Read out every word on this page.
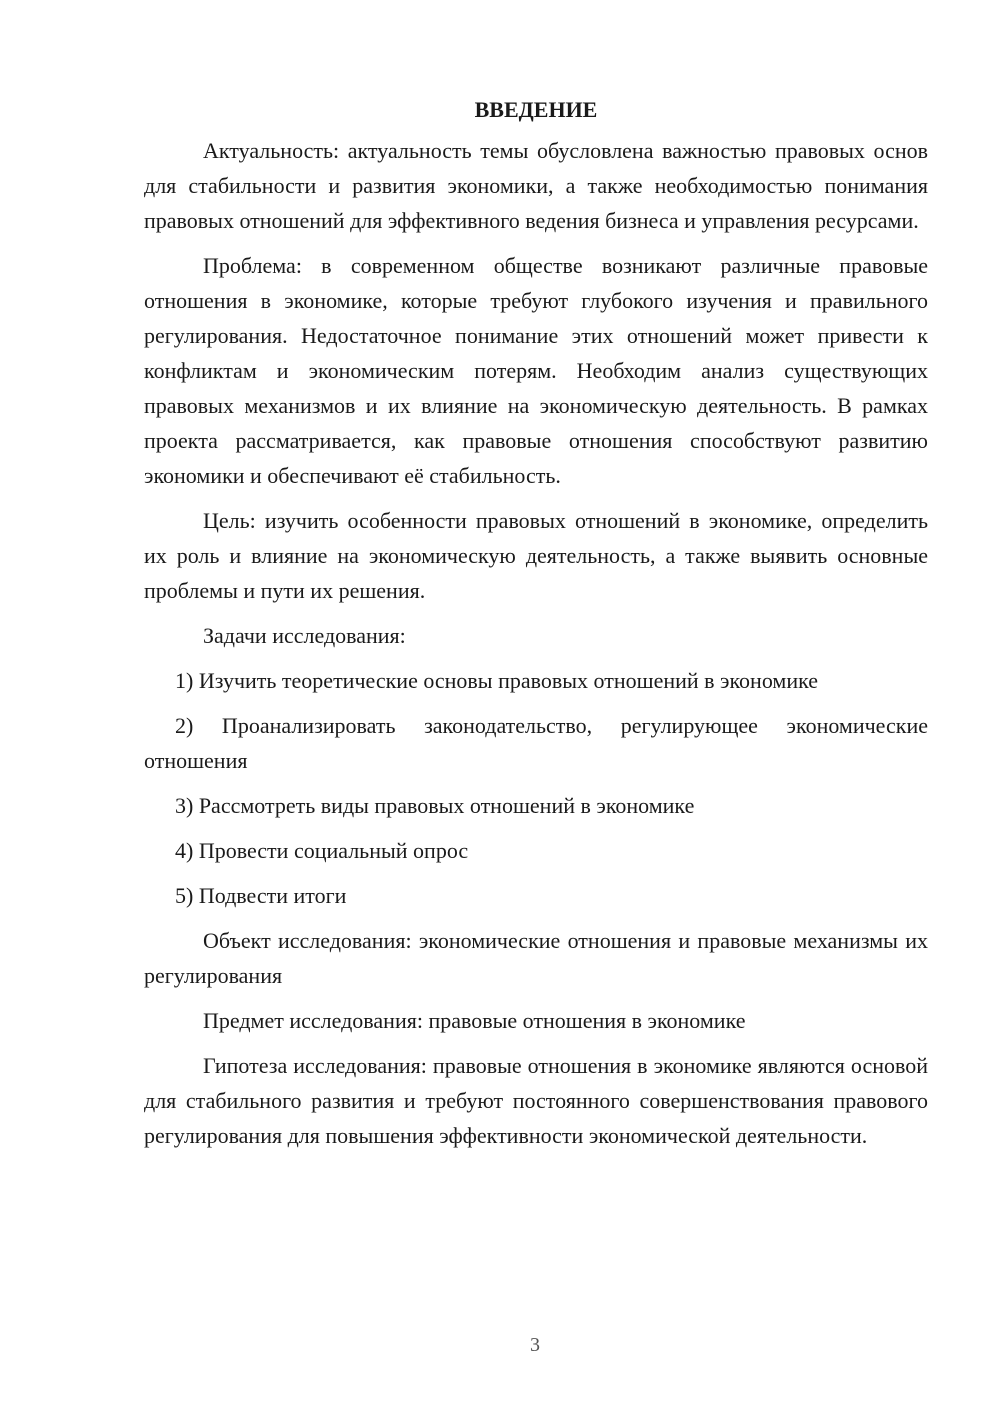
ВВЕДЕНИЕ

Актуальность: актуальность темы обусловлена важностью правовых основ для стабильности и развития экономики, а также необходимостью понимания правовых отношений для эффективного ведения бизнеса и управления ресурсами.

Проблема: в современном обществе возникают различные правовые отношения в экономике, которые требуют глубокого изучения и правильного регулирования. Недостаточное понимание этих отношений может привести к конфликтам и экономическим потерям. Необходим анализ существующих правовых механизмов и их влияние на экономическую деятельность. В рамках проекта рассматривается, как правовые отношения способствуют развитию экономики и обеспечивают её стабильность.

Цель: изучить особенности правовых отношений в экономике, определить их роль и влияние на экономическую деятельность, а также выявить основные проблемы и пути их решения.

Задачи исследования:

1) Изучить теоретические основы правовых отношений в экономике

2) Проанализировать законодательство, регулирующее экономические отношения

3) Рассмотреть виды правовых отношений в экономике

4) Провести социальный опрос

5) Подвести итоги

Объект исследования: экономические отношения и правовые механизмы их регулирования

Предмет исследования: правовые отношения в экономике

Гипотеза исследования: правовые отношения в экономике являются основой для стабильного развития и требуют постоянного совершенствования правового регулирования для повышения эффективности экономической деятельности.

3
